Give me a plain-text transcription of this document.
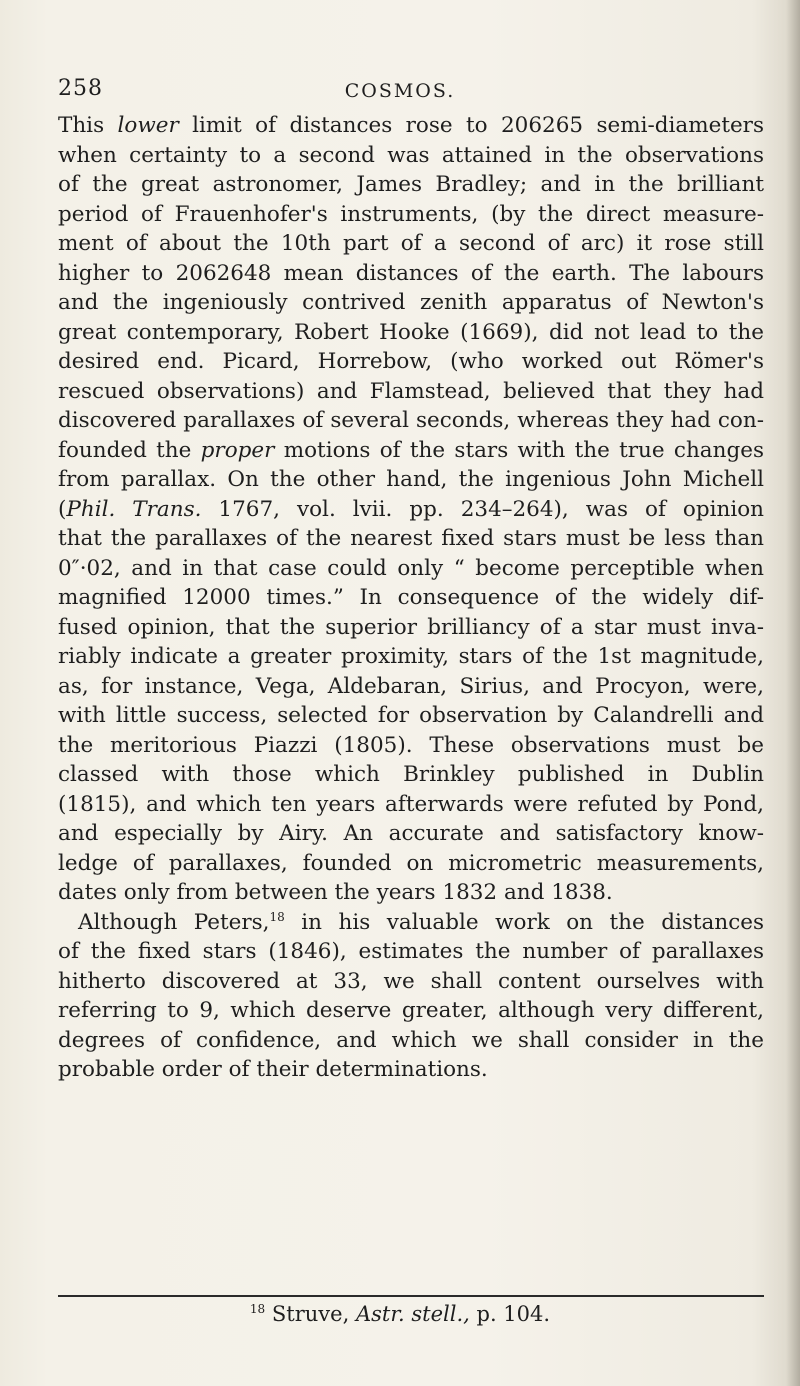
258	COSMOS.
This lower limit of distances rose to 206265 semi-diameters
when certainty to a second was attained in the observations
of the great astronomer, James Bradley; and in the brilliant
period of Frauenhofer's instruments, (by the direct measure-
ment of about the 10th part of a second of arc) it rose still
higher to 2062648 mean distances of the earth. The labours
and the ingeniously contrived zenith apparatus of Newton's
great contemporary, Robert Hooke (1669), did not lead to the
desired end. Picard, Horrebow, (who worked out Römer's
rescued observations) and Flamstead, believed that they had
discovered parallaxes of several seconds, whereas they had con-
founded the proper motions of the stars with the true changes
from parallax. On the other hand, the ingenious John Michell
(Phil. Trans. 1767, vol. lvii. pp. 234–264), was of opinion
that the parallaxes of the nearest fixed stars must be less than
0″·02, and in that case could only “ become perceptible when
magnified 12000 times.” In consequence of the widely dif-
fused opinion, that the superior brilliancy of a star must inva-
riably indicate a greater proximity, stars of the 1st magnitude,
as, for instance, Vega, Aldebaran, Sirius, and Procyon, were,
with little success, selected for observation by Calandrelli and
the meritorious Piazzi (1805). These observations must be
classed with those which Brinkley published in Dublin
(1815), and which ten years afterwards were refuted by Pond,
and especially by Airy. An accurate and satisfactory know-
ledge of parallaxes, founded on micrometric measurements,
dates only from between the years 1832 and 1838.
Although Peters,$^{18}$ in his valuable work on the distances
of the fixed stars (1846), estimates the number of parallaxes
hitherto discovered at 33, we shall content ourselves with
referring to 9, which deserve greater, although very different,
degrees of confidence, and which we shall consider in the
probable order of their determinations.
$^{18}$ Struve, Astr. stell., p. 104.
